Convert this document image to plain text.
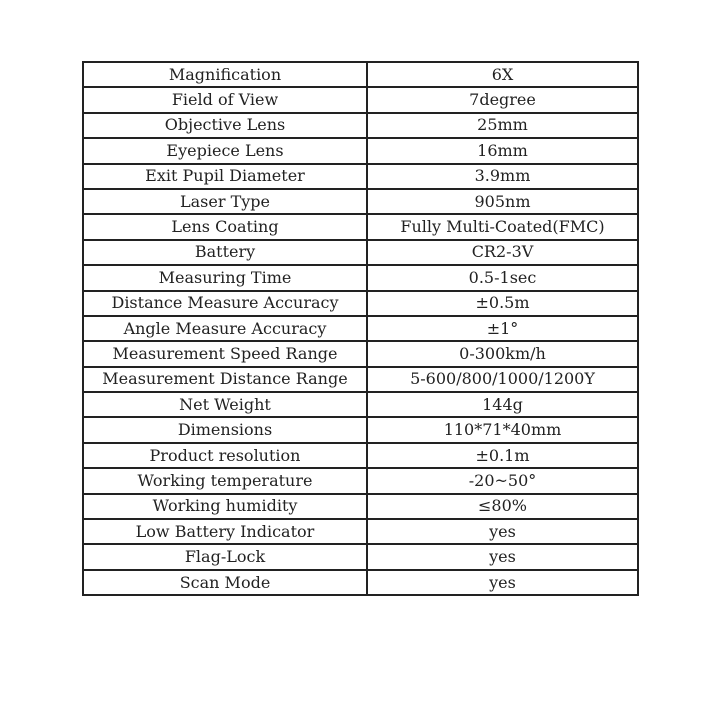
Magnification	6X
Field of View	7degree
Objective Lens	25mm
Eyepiece Lens	16mm
Exit Pupil Diameter	3.9mm
Laser Type	905nm
Lens Coating	Fully Multi-Coated(FMC)
Battery	CR2-3V
Measuring Time	0.5-1sec
Distance Measure Accuracy	±0.5m
Angle Measure Accuracy	±1°
Measurement Speed Range	0-300km/h
Measurement Distance Range	5-600/800/1000/1200Y
Net Weight	144g
Dimensions	110*71*40mm
Product resolution	±0.1m
Working temperature	-20~50°
Working humidity	≤80%
Low Battery Indicator	yes
Flag-Lock	yes
Scan Mode	yes
